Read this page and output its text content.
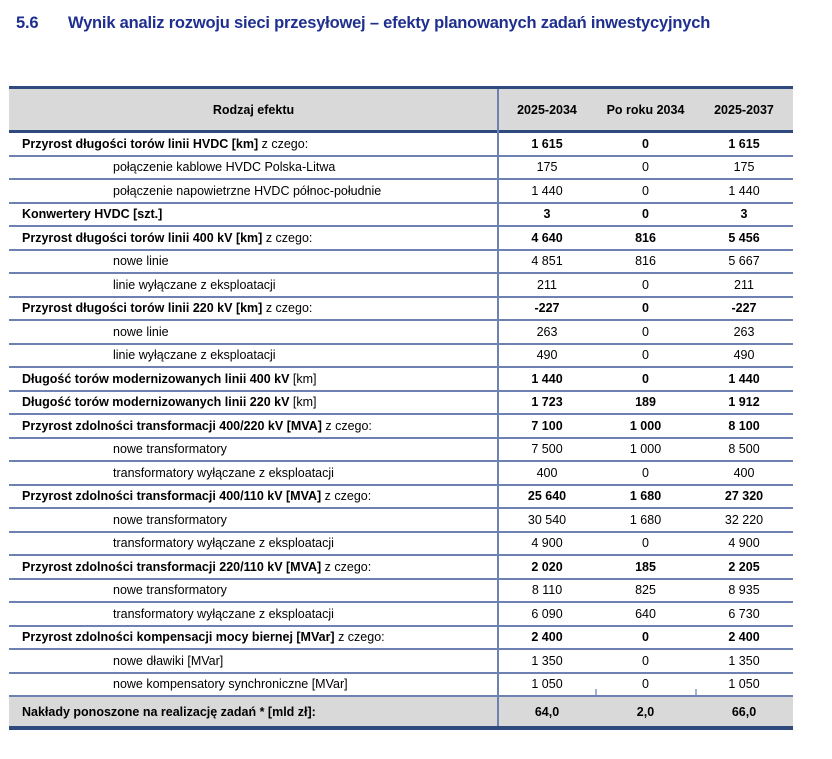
5.6	Wynik analiz rozwoju sieci przesyłowej – efekty planowanych zadań inwestycyjnych
Rodzaj efektu	2025-2034	Po roku 2034	2025-2037
Przyrost długości torów linii HVDC [km] z czego:	1 615	0	1 615
połączenie kablowe HVDC Polska-Litwa	175	0	175
połączenie napowietrzne HVDC północ-południe	1 440	0	1 440
Konwertery HVDC [szt.]	3	0	3
Przyrost długości torów linii 400 kV [km] z czego:	4 640	816	5 456
nowe linie	4 851	816	5 667
linie wyłączane z eksploatacji	211	0	211
Przyrost długości torów linii 220 kV [km] z czego:	-227	0	-227
nowe linie	263	0	263
linie wyłączane z eksploatacji	490	0	490
Długość torów modernizowanych linii 400 kV [km]	1 440	0	1 440
Długość torów modernizowanych linii 220 kV [km]	1 723	189	1 912
Przyrost zdolności transformacji 400/220 kV [MVA] z czego:	7 100	1 000	8 100
nowe transformatory	7 500	1 000	8 500
transformatory wyłączane z eksploatacji	400	0	400
Przyrost zdolności transformacji 400/110 kV [MVA] z czego:	25 640	1 680	27 320
nowe transformatory	30 540	1 680	32 220
transformatory wyłączane z eksploatacji	4 900	0	4 900
Przyrost zdolności transformacji 220/110 kV [MVA] z czego:	2 020	185	2 205
nowe transformatory	8 110	825	8 935
transformatory wyłączane z eksploatacji	6 090	640	6 730
Przyrost zdolności kompensacji mocy biernej [MVar] z czego:	2 400	0	2 400
nowe dławiki [MVar]	1 350	0	1 350
nowe kompensatory synchroniczne [MVar]	1 050	0	1 050
Nakłady ponoszone na realizację zadań * [mld zł]:	64,0	2,0	66,0
